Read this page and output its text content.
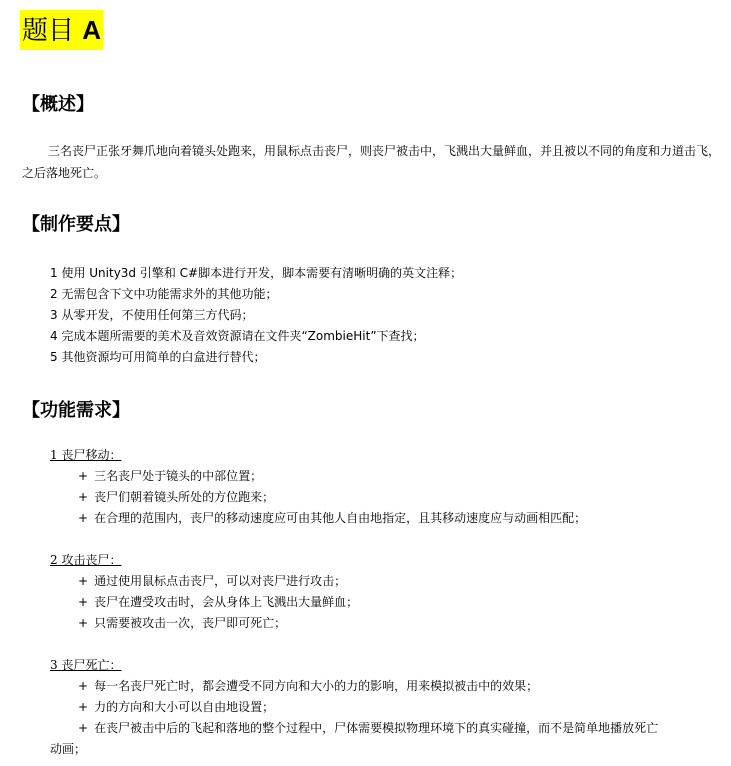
题目 A
【概述】
三名丧尸正张牙舞爪地向着镜头处跑来，用鼠标点击丧尸，则丧尸被击中，飞溅出大量鲜血，并且被以不同的角度和力道击飞，之后落地死亡。
【制作要点】
1 使用 Unity3d 引擎和 C#脚本进行开发，脚本需要有清晰明确的英文注释；
2 无需包含下文中功能需求外的其他功能；
3 从零开发，不使用任何第三方代码；
4 完成本题所需要的美术及音效资源请在文件夹“ZombieHit”下查找；
5 其他资源均可用简单的白盒进行替代；
【功能需求】
1 丧尸移动：
+ 三名丧尸处于镜头的中部位置；
+ 丧尸们朝着镜头所处的方位跑来；
+ 在合理的范围内，丧尸的移动速度应可由其他人自由地指定，且其移动速度应与动画相匹配；
2 攻击丧尸：
+ 通过使用鼠标点击丧尸，可以对丧尸进行攻击；
+ 丧尸在遭受攻击时，会从身体上飞溅出大量鲜血；
+ 只需要被攻击一次，丧尸即可死亡；
3 丧尸死亡：
+ 每一名丧尸死亡时，都会遭受不同方向和大小的力的影响，用来模拟被击中的效果；
+ 力的方向和大小可以自由地设置；
+ 在丧尸被击中后的飞起和落地的整个过程中，尸体需要模拟物理环境下的真实碰撞，而不是简单地播放死亡
动画；
